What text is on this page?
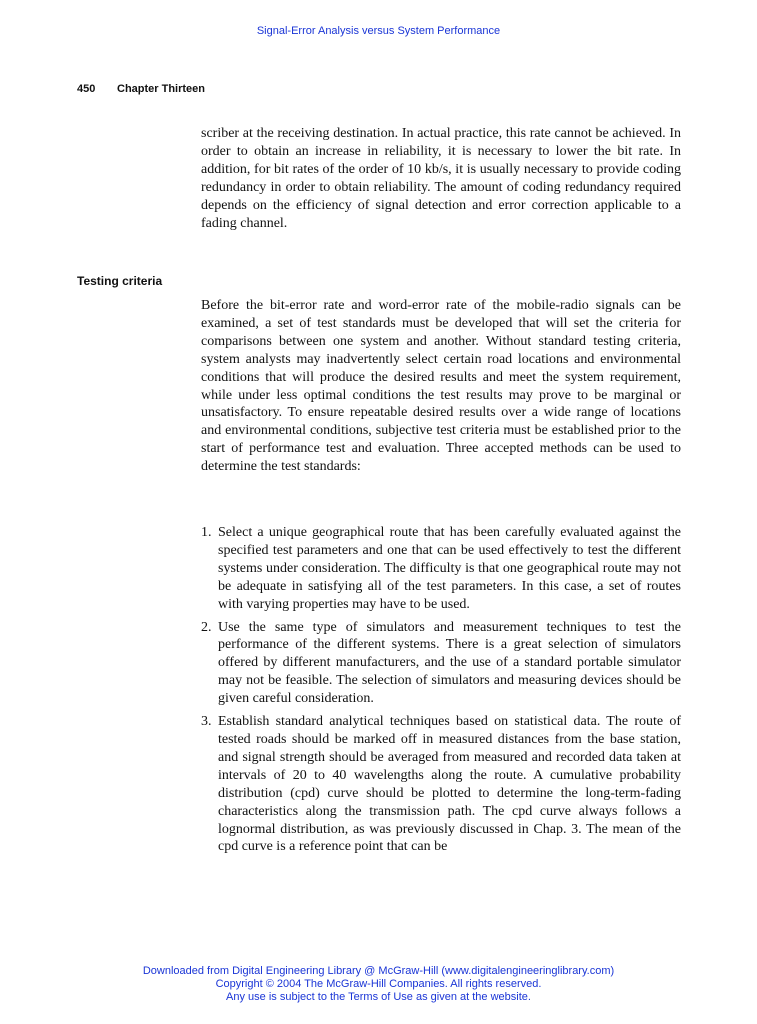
Signal-Error Analysis versus System Performance
450 Chapter Thirteen

scriber at the receiving destination. In actual practice, this rate cannot be achieved. In order to obtain an increase in reliability, it is necessary to lower the bit rate. In addition, for bit rates of the order of 10 kb/s, it is usually necessary to provide coding redundancy in order to obtain reliability. The amount of coding redundancy required depends on the efficiency of signal detection and error correction applicable to a fading channel.

Testing criteria

Before the bit-error rate and word-error rate of the mobile-radio signals can be examined, a set of test standards must be developed that will set the criteria for comparisons between one system and another. Without standard testing criteria, system analysts may inadvertently select certain road locations and environmental conditions that will produce the desired results and meet the system requirement, while under less optimal conditions the test results may prove to be marginal or unsatisfactory. To ensure repeatable desired results over a wide range of locations and environmental conditions, subjective test criteria must be established prior to the start of performance test and evaluation. Three accepted methods can be used to determine the test standards:

1. Select a unique geographical route that has been carefully evaluated against the specified test parameters and one that can be used effectively to test the different systems under consideration. The difficulty is that one geographical route may not be adequate in satisfying all of the test parameters. In this case, a set of routes with varying properties may have to be used.
2. Use the same type of simulators and measurement techniques to test the performance of the different systems. There is a great selection of simulators offered by different manufacturers, and the use of a standard portable simulator may not be feasible. The selection of simulators and measuring devices should be given careful consideration.
3. Establish standard analytical techniques based on statistical data. The route of tested roads should be marked off in measured distances from the base station, and signal strength should be averaged from measured and recorded data taken at intervals of 20 to 40 wavelengths along the route. A cumulative probability distribution (cpd) curve should be plotted to determine the long-term-fading characteristics along the transmission path. The cpd curve always follows a lognormal distribution, as was previously discussed in Chap. 3. The mean of the cpd curve is a reference point that can be
Downloaded from Digital Engineering Library @ McGraw-Hill (www.digitalengineeringlibrary.com)
Copyright © 2004 The McGraw-Hill Companies. All rights reserved.
Any use is subject to the Terms of Use as given at the website.
